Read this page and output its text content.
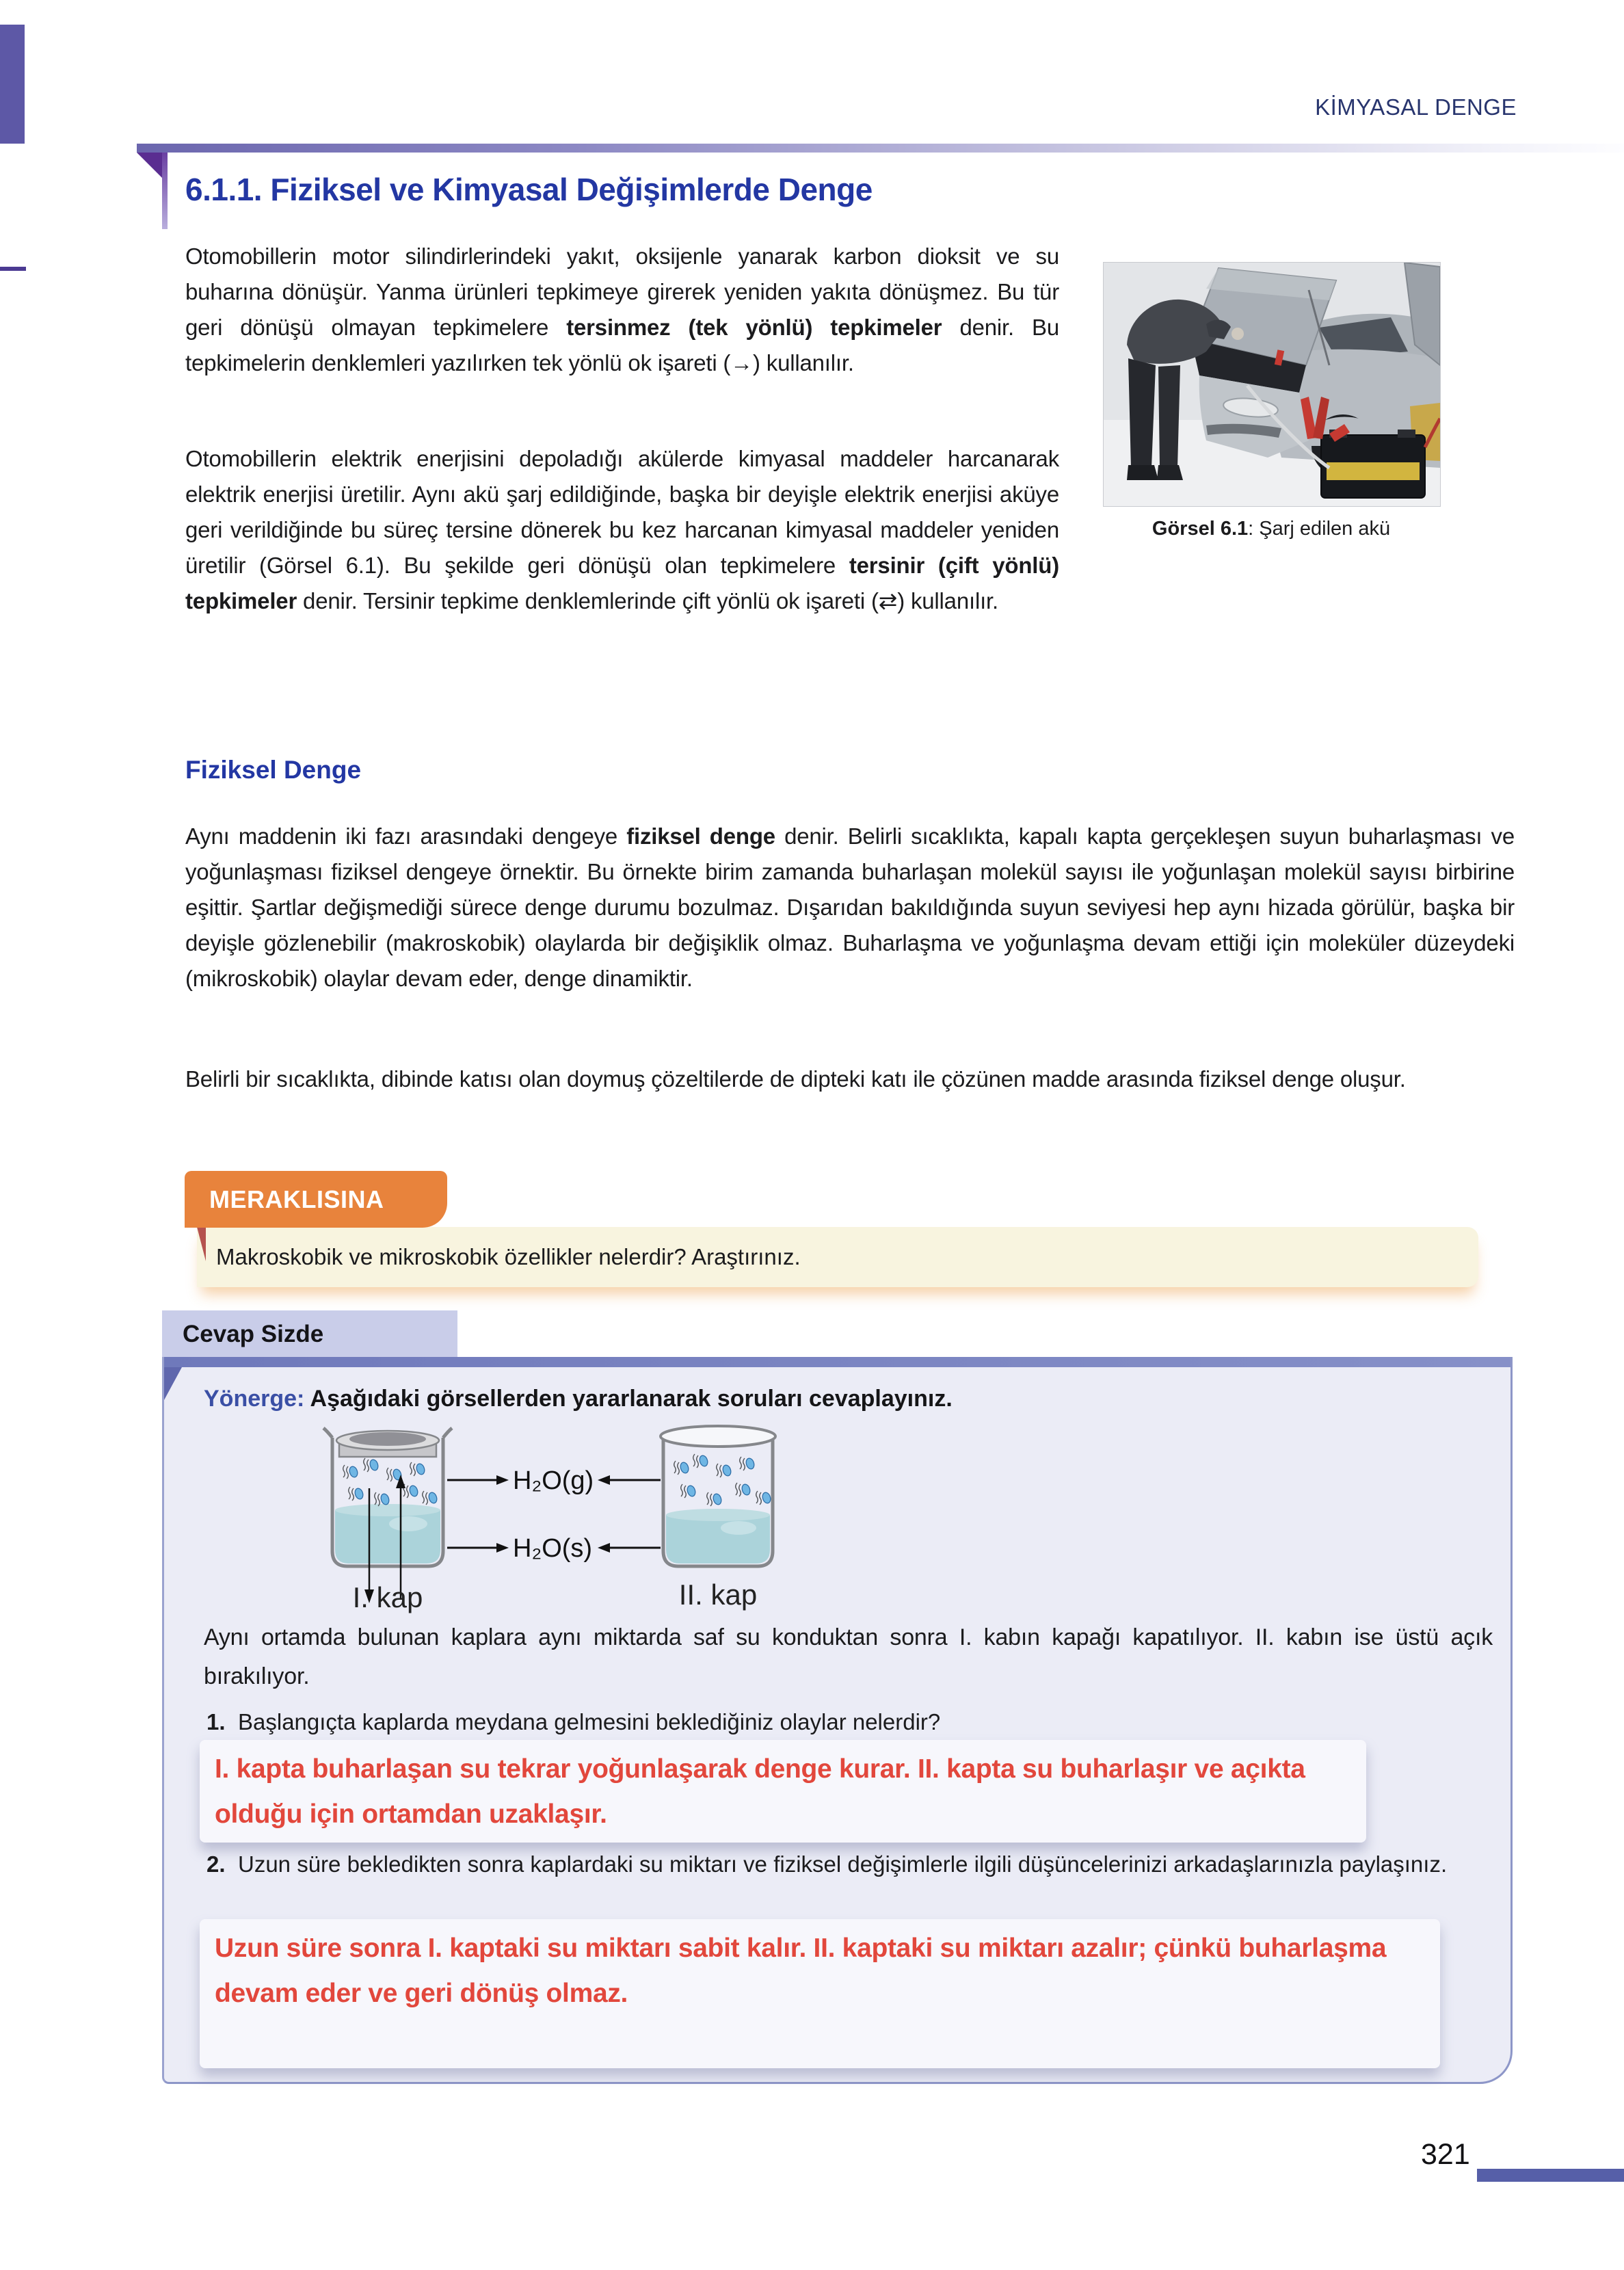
KİMYASAL DENGE
6.1.1. Fiziksel ve Kimyasal Değişimlerde Denge

Otomobillerin motor silindirlerindeki yakıt, oksijenle yanarak karbon dioksit ve su buharına dönüşür. Yanma ürünleri tepkimeye girerek yeniden yakıta dönüşmez. Bu tür geri dönüşü olmayan tepkimelere tersinmez (tek yönlü) tepkimeler denir. Bu tepkimelerin denklemleri yazılırken tek yönlü ok işareti (→) kullanılır.

Görsel 6.1: Şarj edilen akü

Otomobillerin elektrik enerjisini depoladığı akülerde kimyasal maddeler harcanarak elektrik enerjisi üretilir. Aynı akü şarj edildiğinde, başka bir deyişle elektrik enerjisi aküye geri verildiğinde bu süreç tersine dönerek bu kez harcanan kimyasal maddeler yeniden üretilir (Görsel 6.1). Bu şekilde geri dönüşü olan tepkimelere tersinir (çift yönlü) tepkimeler denir. Tersinir tepkime denklemlerinde çift yönlü ok işareti (⇄) kullanılır.

Fiziksel Denge

Aynı maddenin iki fazı arasındaki dengeye fiziksel denge denir. Belirli sıcaklıkta, kapalı kapta gerçekleşen suyun buharlaşması ve yoğunlaşması fiziksel dengeye örnektir. Bu örnekte birim zamanda buharlaşan molekül sayısı ile yoğunlaşan molekül sayısı birbirine eşittir. Şartlar değişmediği sürece denge durumu bozulmaz. Dışarıdan bakıldığında suyun seviyesi hep aynı hizada görülür, başka bir deyişle gözlenebilir (makroskobik) olaylarda bir değişiklik olmaz. Buharlaşma ve yoğunlaşma devam ettiği için moleküler düzeydeki (mikroskobik) olaylar devam eder, denge dinamiktir.

Belirli bir sıcaklıkta, dibinde katısı olan doymuş çözeltilerde de dipteki katı ile çözünen madde arasında fiziksel denge oluşur.

Makroskobik ve mikroskobik özellikler nelerdir? Araştırınız.
MERAKLISINA
Cevap Sizde
Yönerge: Aşağıdaki görsellerden yararlanarak soruları cevaplayınız.
H₂O(g)
H₂O(s)
I. kap	II. kap
Aynı ortamda bulunan kaplara aynı miktarda saf su konduktan sonra I. kabın kapağı kapatılıyor. II. kabın ise üstü açık bırakılıyor.
1. Başlangıçta kaplarda meydana gelmesini beklediğiniz olaylar nelerdir?
I. kapta buharlaşan su tekrar yoğunlaşarak denge kurar. II. kapta su buharlaşır ve açıkta olduğu için ortamdan uzaklaşır.
2. Uzun süre bekledikten sonra kaplardaki su miktarı ve fiziksel değişimlerle ilgili düşüncelerinizi arkadaşlarınızla paylaşınız.
Uzun süre sonra I. kaptaki su miktarı sabit kalır. II. kaptaki su miktarı azalır; çünkü buharlaşma devam eder ve geri dönüş olmaz.
321
